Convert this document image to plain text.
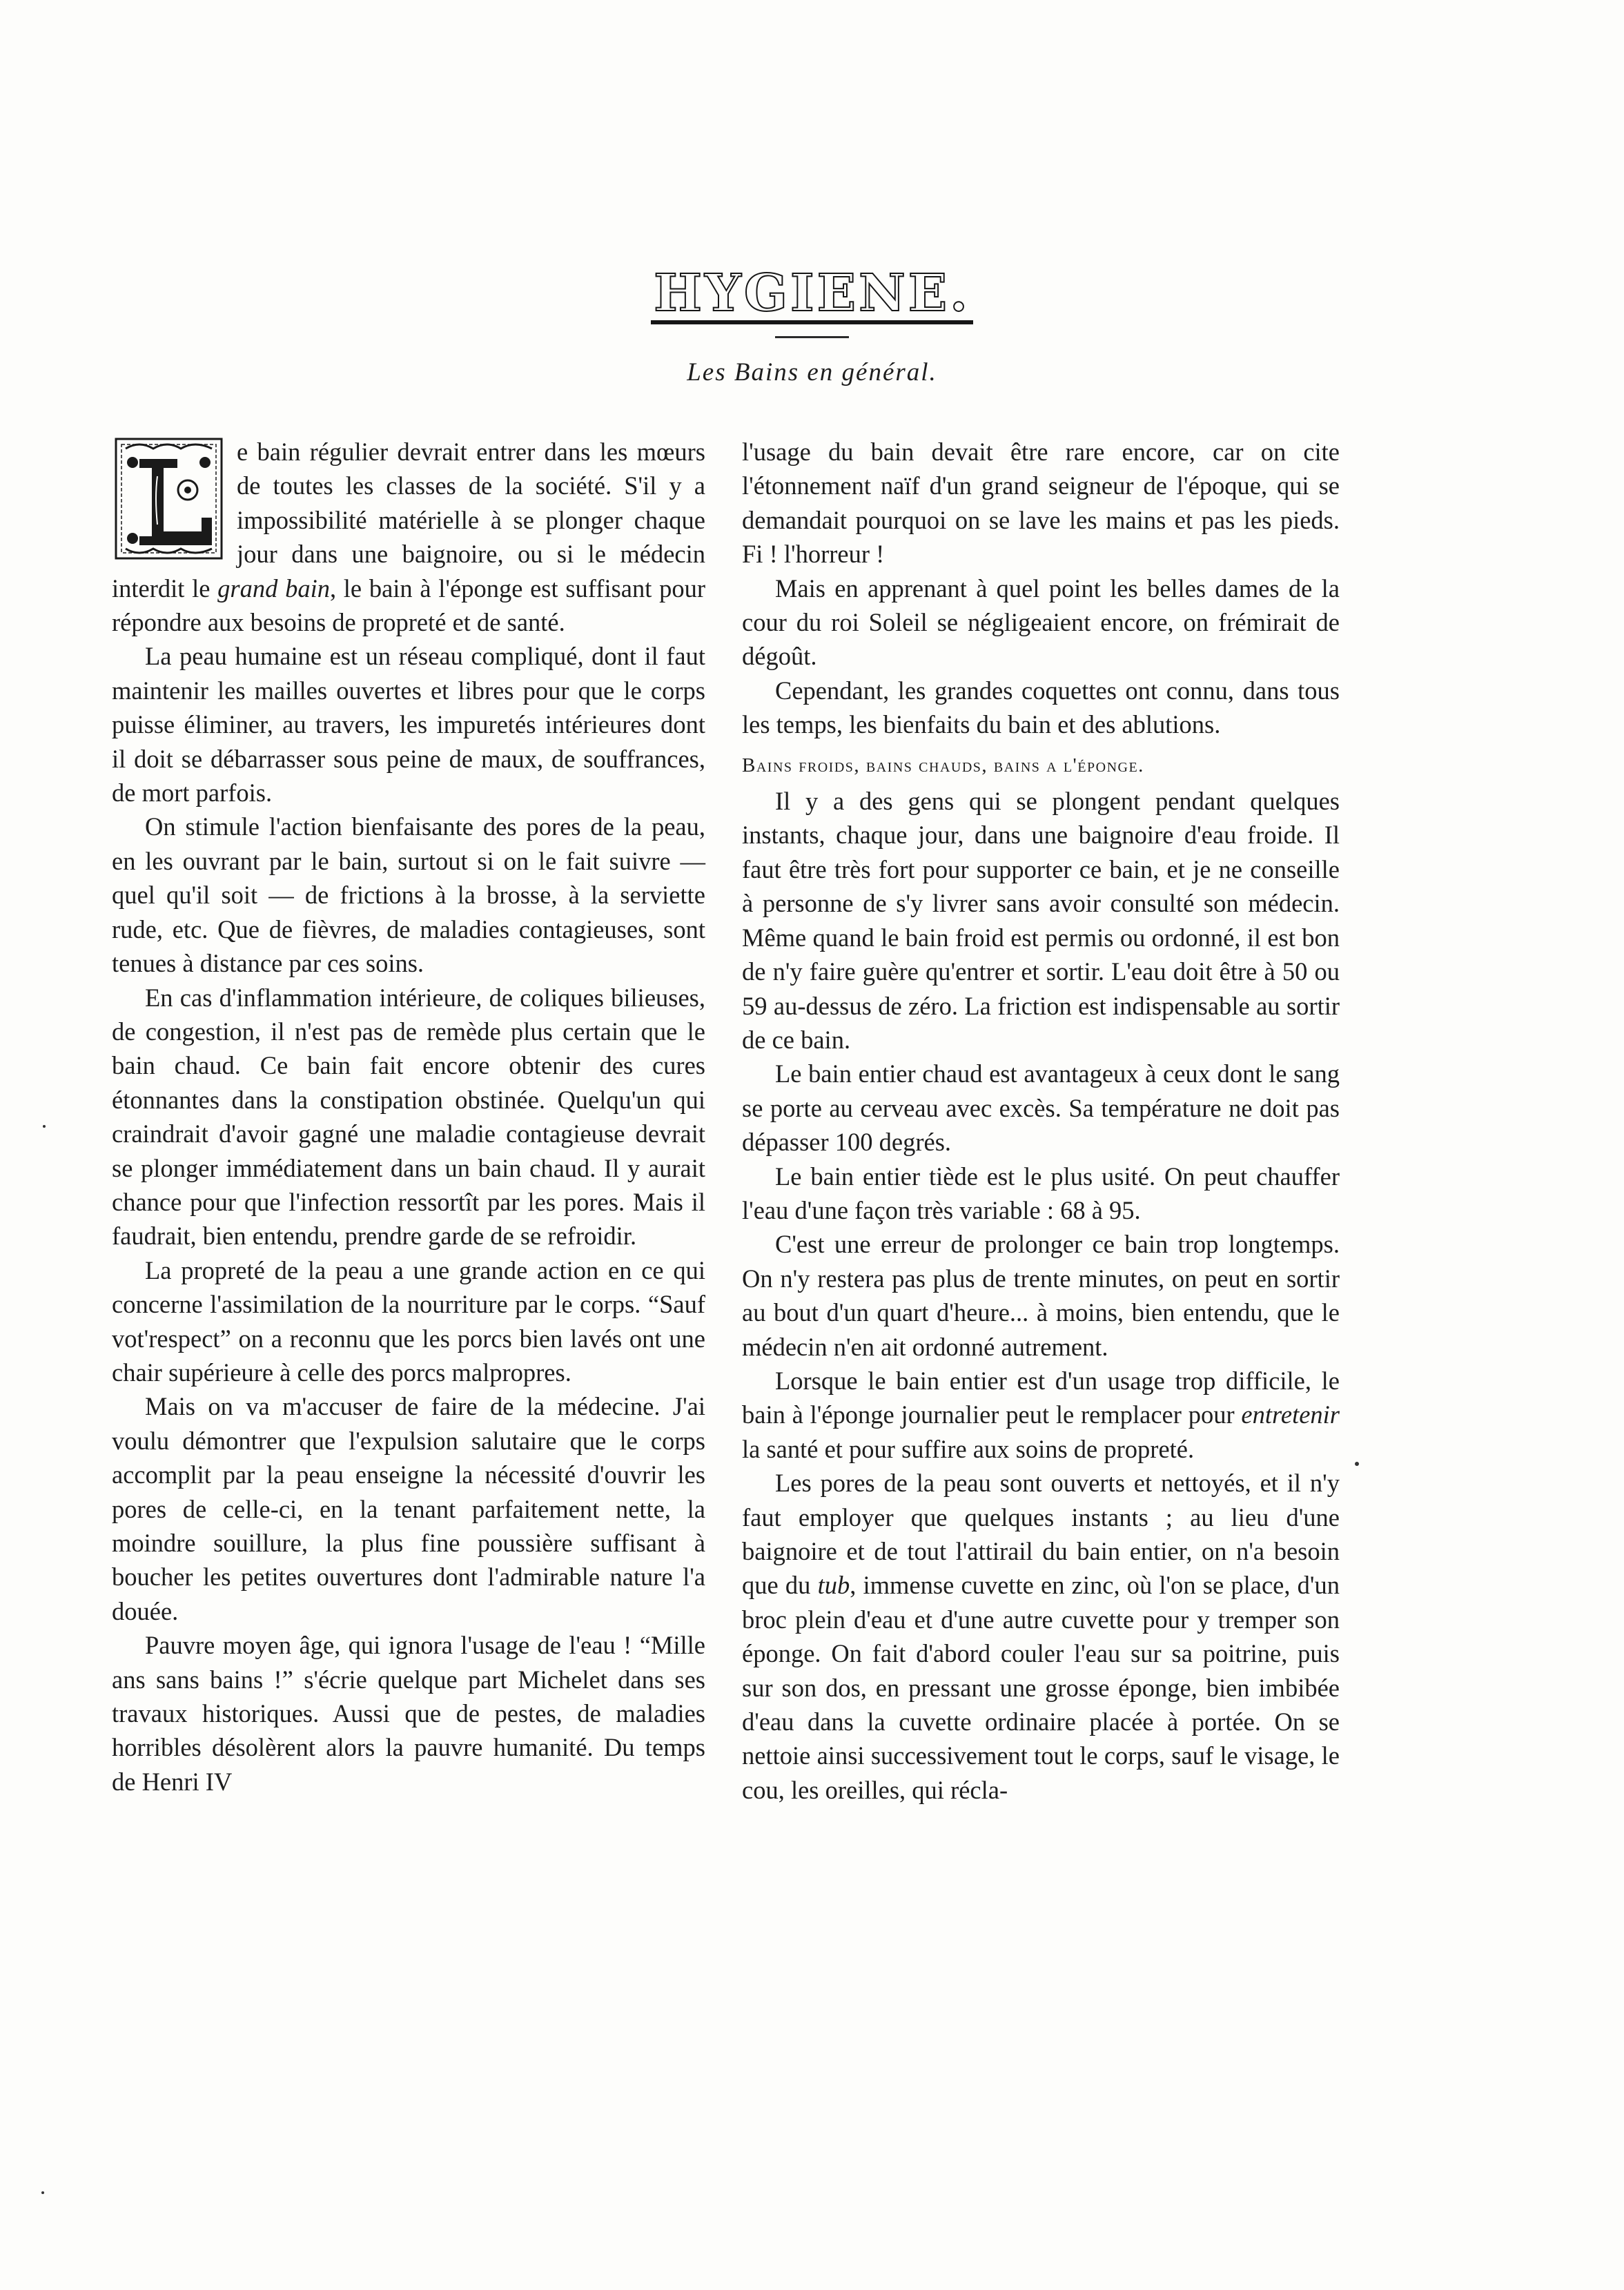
HYGIENE.
Les Bains en général.

e bain régulier devrait entrer dans les mœurs de toutes les classes de la société. S'il y a impossibilité matérielle à se plonger chaque jour dans une baignoire, ou si le médecin interdit le grand bain, le bain à l'éponge est suffisant pour répondre aux besoins de propreté et de santé.

La peau humaine est un réseau compliqué, dont il faut maintenir les mailles ouvertes et libres pour que le corps puisse éliminer, au travers, les impuretés intérieures dont il doit se débarrasser sous peine de maux, de souffrances, de mort parfois.

On stimule l'action bienfaisante des pores de la peau, en les ouvrant par le bain, surtout si on le fait suivre — quel qu'il soit — de frictions à la brosse, à la serviette rude, etc. Que de fièvres, de maladies contagieuses, sont tenues à distance par ces soins.

En cas d'inflammation intérieure, de coliques bilieuses, de congestion, il n'est pas de remède plus certain que le bain chaud. Ce bain fait encore obtenir des cures étonnantes dans la constipation obstinée. Quelqu'un qui craindrait d'avoir gagné une maladie contagieuse devrait se plonger immédiatement dans un bain chaud. Il y aurait chance pour que l'infection ressortît par les pores. Mais il faudrait, bien entendu, prendre garde de se refroidir.

La propreté de la peau a une grande action en ce qui concerne l'assimilation de la nourriture par le corps. “Sauf vot'respect” on a reconnu que les porcs bien lavés ont une chair supérieure à celle des porcs malpropres.

Mais on va m'accuser de faire de la médecine. J'ai voulu démontrer que l'expulsion salutaire que le corps accomplit par la peau enseigne la nécessité d'ouvrir les pores de celle-ci, en la tenant parfaitement nette, la moindre souillure, la plus fine poussière suffisant à boucher les petites ouvertures dont l'admirable nature l'a douée.

Pauvre moyen âge, qui ignora l'usage de l'eau ! “Mille ans sans bains !” s'écrie quelque part Michelet dans ses travaux historiques. Aussi que de pestes, de maladies horribles désolèrent alors la pauvre humanité. Du temps de Henri IV

l'usage du bain devait être rare encore, car on cite l'étonnement naïf d'un grand seigneur de l'époque, qui se demandait pourquoi on se lave les mains et pas les pieds. Fi ! l'horreur !

Mais en apprenant à quel point les belles dames de la cour du roi Soleil se négligeaient encore, on frémirait de dégoût.

Cependant, les grandes coquettes ont connu, dans tous les temps, les bienfaits du bain et des ablutions.

Bains froids, bains chauds, bains a l'éponge.

Il y a des gens qui se plongent pendant quelques instants, chaque jour, dans une baignoire d'eau froide. Il faut être très fort pour supporter ce bain, et je ne conseille à personne de s'y livrer sans avoir consulté son médecin. Même quand le bain froid est permis ou ordonné, il est bon de n'y faire guère qu'entrer et sortir. L'eau doit être à 50 ou 59 au-dessus de zéro. La friction est indispensable au sortir de ce bain.

Le bain entier chaud est avantageux à ceux dont le sang se porte au cerveau avec excès. Sa température ne doit pas dépasser 100 degrés.

Le bain entier tiède est le plus usité. On peut chauffer l'eau d'une façon très variable : 68 à 95.

C'est une erreur de prolonger ce bain trop longtemps. On n'y restera pas plus de trente minutes, on peut en sortir au bout d'un quart d'heure... à moins, bien entendu, que le médecin n'en ait ordonné autrement.

Lorsque le bain entier est d'un usage trop difficile, le bain à l'éponge journalier peut le remplacer pour entretenir la santé et pour suffire aux soins de propreté.

Les pores de la peau sont ouverts et nettoyés, et il n'y faut employer que quelques instants ; au lieu d'une baignoire et de tout l'attirail du bain entier, on n'a besoin que du tub, immense cuvette en zinc, où l'on se place, d'un broc plein d'eau et d'une autre cuvette pour y tremper son éponge. On fait d'abord couler l'eau sur sa poitrine, puis sur son dos, en pressant une grosse éponge, bien imbibée d'eau dans la cuvette ordinaire placée à portée. On se nettoie ainsi successivement tout le corps, sauf le visage, le cou, les oreilles, qui récla-
